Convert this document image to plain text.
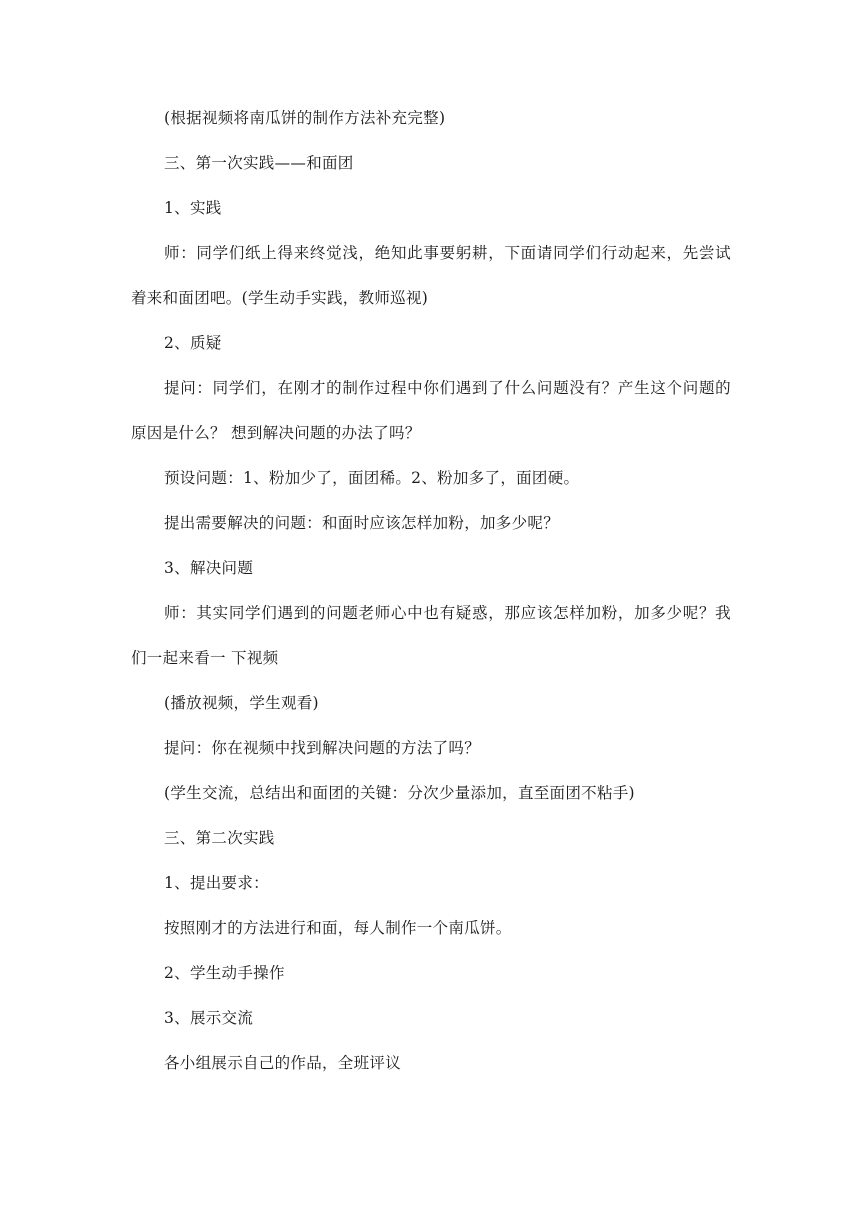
(根据视频将南瓜饼的制作方法补充完整)

三、第一次实践——和面团

1、实践

师：同学们纸上得来终觉浅，绝知此事要躬耕，下面请同学们行动起来，先尝试着来和面团吧。(学生动手实践，教师巡视)

2、质疑

提问：同学们，在刚才的制作过程中你们遇到了什么问题没有？产生这个问题的原因是什么？ 想到解决问题的办法了吗？

预设问题：1、粉加少了，面团稀。2、粉加多了，面团硬。

提出需要解决的问题：和面时应该怎样加粉，加多少呢？

3、解决问题

师：其实同学们遇到的问题老师心中也有疑惑，那应该怎样加粉，加多少呢？我们一起来看一 下视频

(播放视频，学生观看)

提问：你在视频中找到解决问题的方法了吗？

(学生交流，总结出和面团的关键：分次少量添加，直至面团不粘手)

三、第二次实践

1、提出要求：

按照刚才的方法进行和面，每人制作一个南瓜饼。

2、学生动手操作

3、展示交流

各小组展示自己的作品，全班评议
